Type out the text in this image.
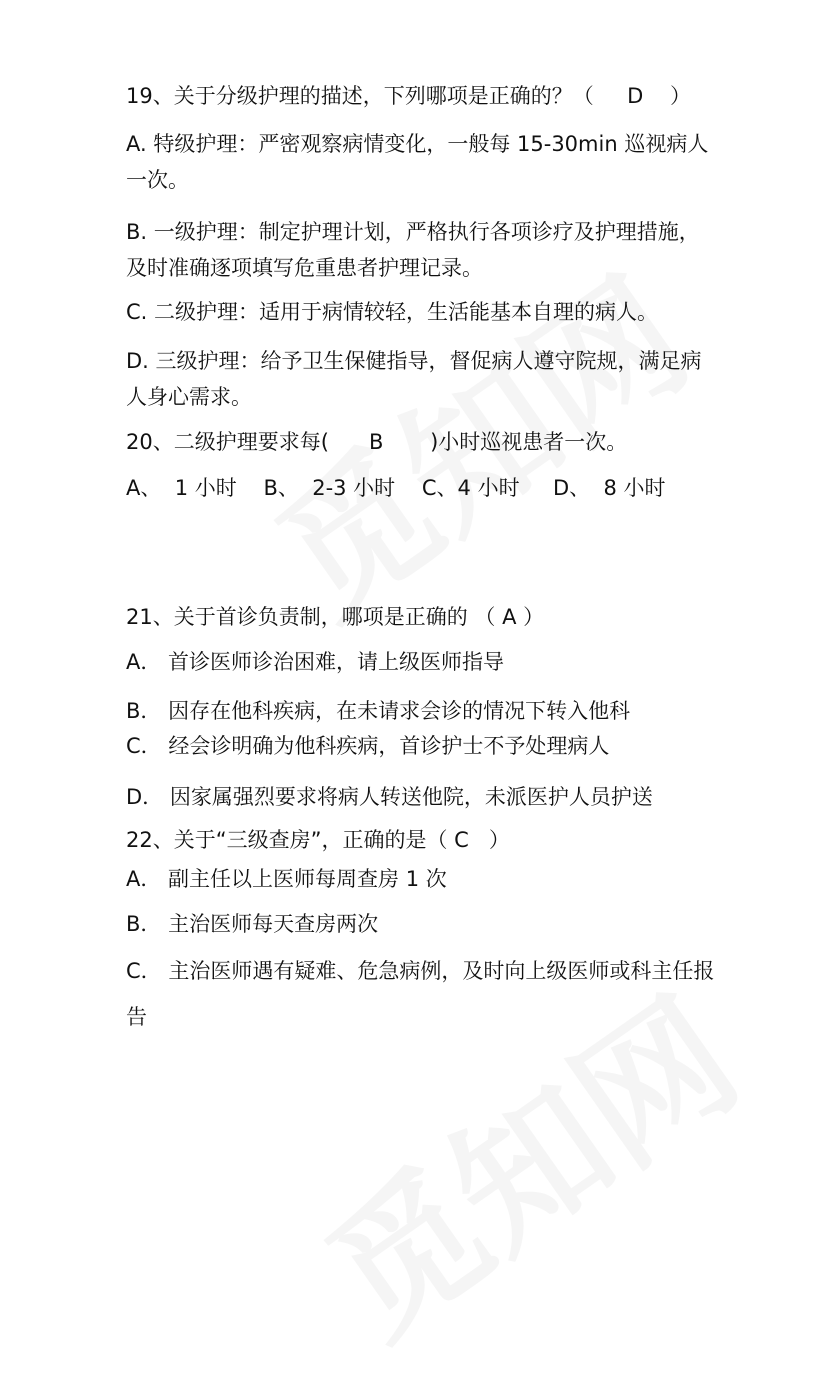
19、关于分级护理的描述，下列哪项是正确的？（     D    ）

A. 特级护理：严密观察病情变化，一般每 15-30min 巡视病人

一次。

B. 一级护理：制定护理计划，严格执行各项诊疗及护理措施，

及时准确逐项填写危重患者护理记录。

C. 二级护理：适用于病情较轻，生活能基本自理的病人。

D. 三级护理：给予卫生保健指导，督促病人遵守院规，满足病

人身心需求。

20、二级护理要求每(      B       )小时巡视患者一次。

A、  1 小时    B、  2-3 小时    C、4 小时     D、  8 小时

21、关于首诊负责制，哪项是正确的 （ A ）

A． 首诊医师诊治困难，请上级医师指导

B． 因存在他科疾病，在未请求会诊的情况下转入他科

C． 经会诊明确为他科疾病，首诊护士不予处理病人

D． 因家属强烈要求将病人转送他院，未派医护人员护送

22、关于“三级查房”，正确的是（ C   ）

A． 副主任以上医师每周查房 1 次

B． 主治医师每天查房两次

C． 主治医师遇有疑难、危急病例，及时向上级医师或科主任报

告
